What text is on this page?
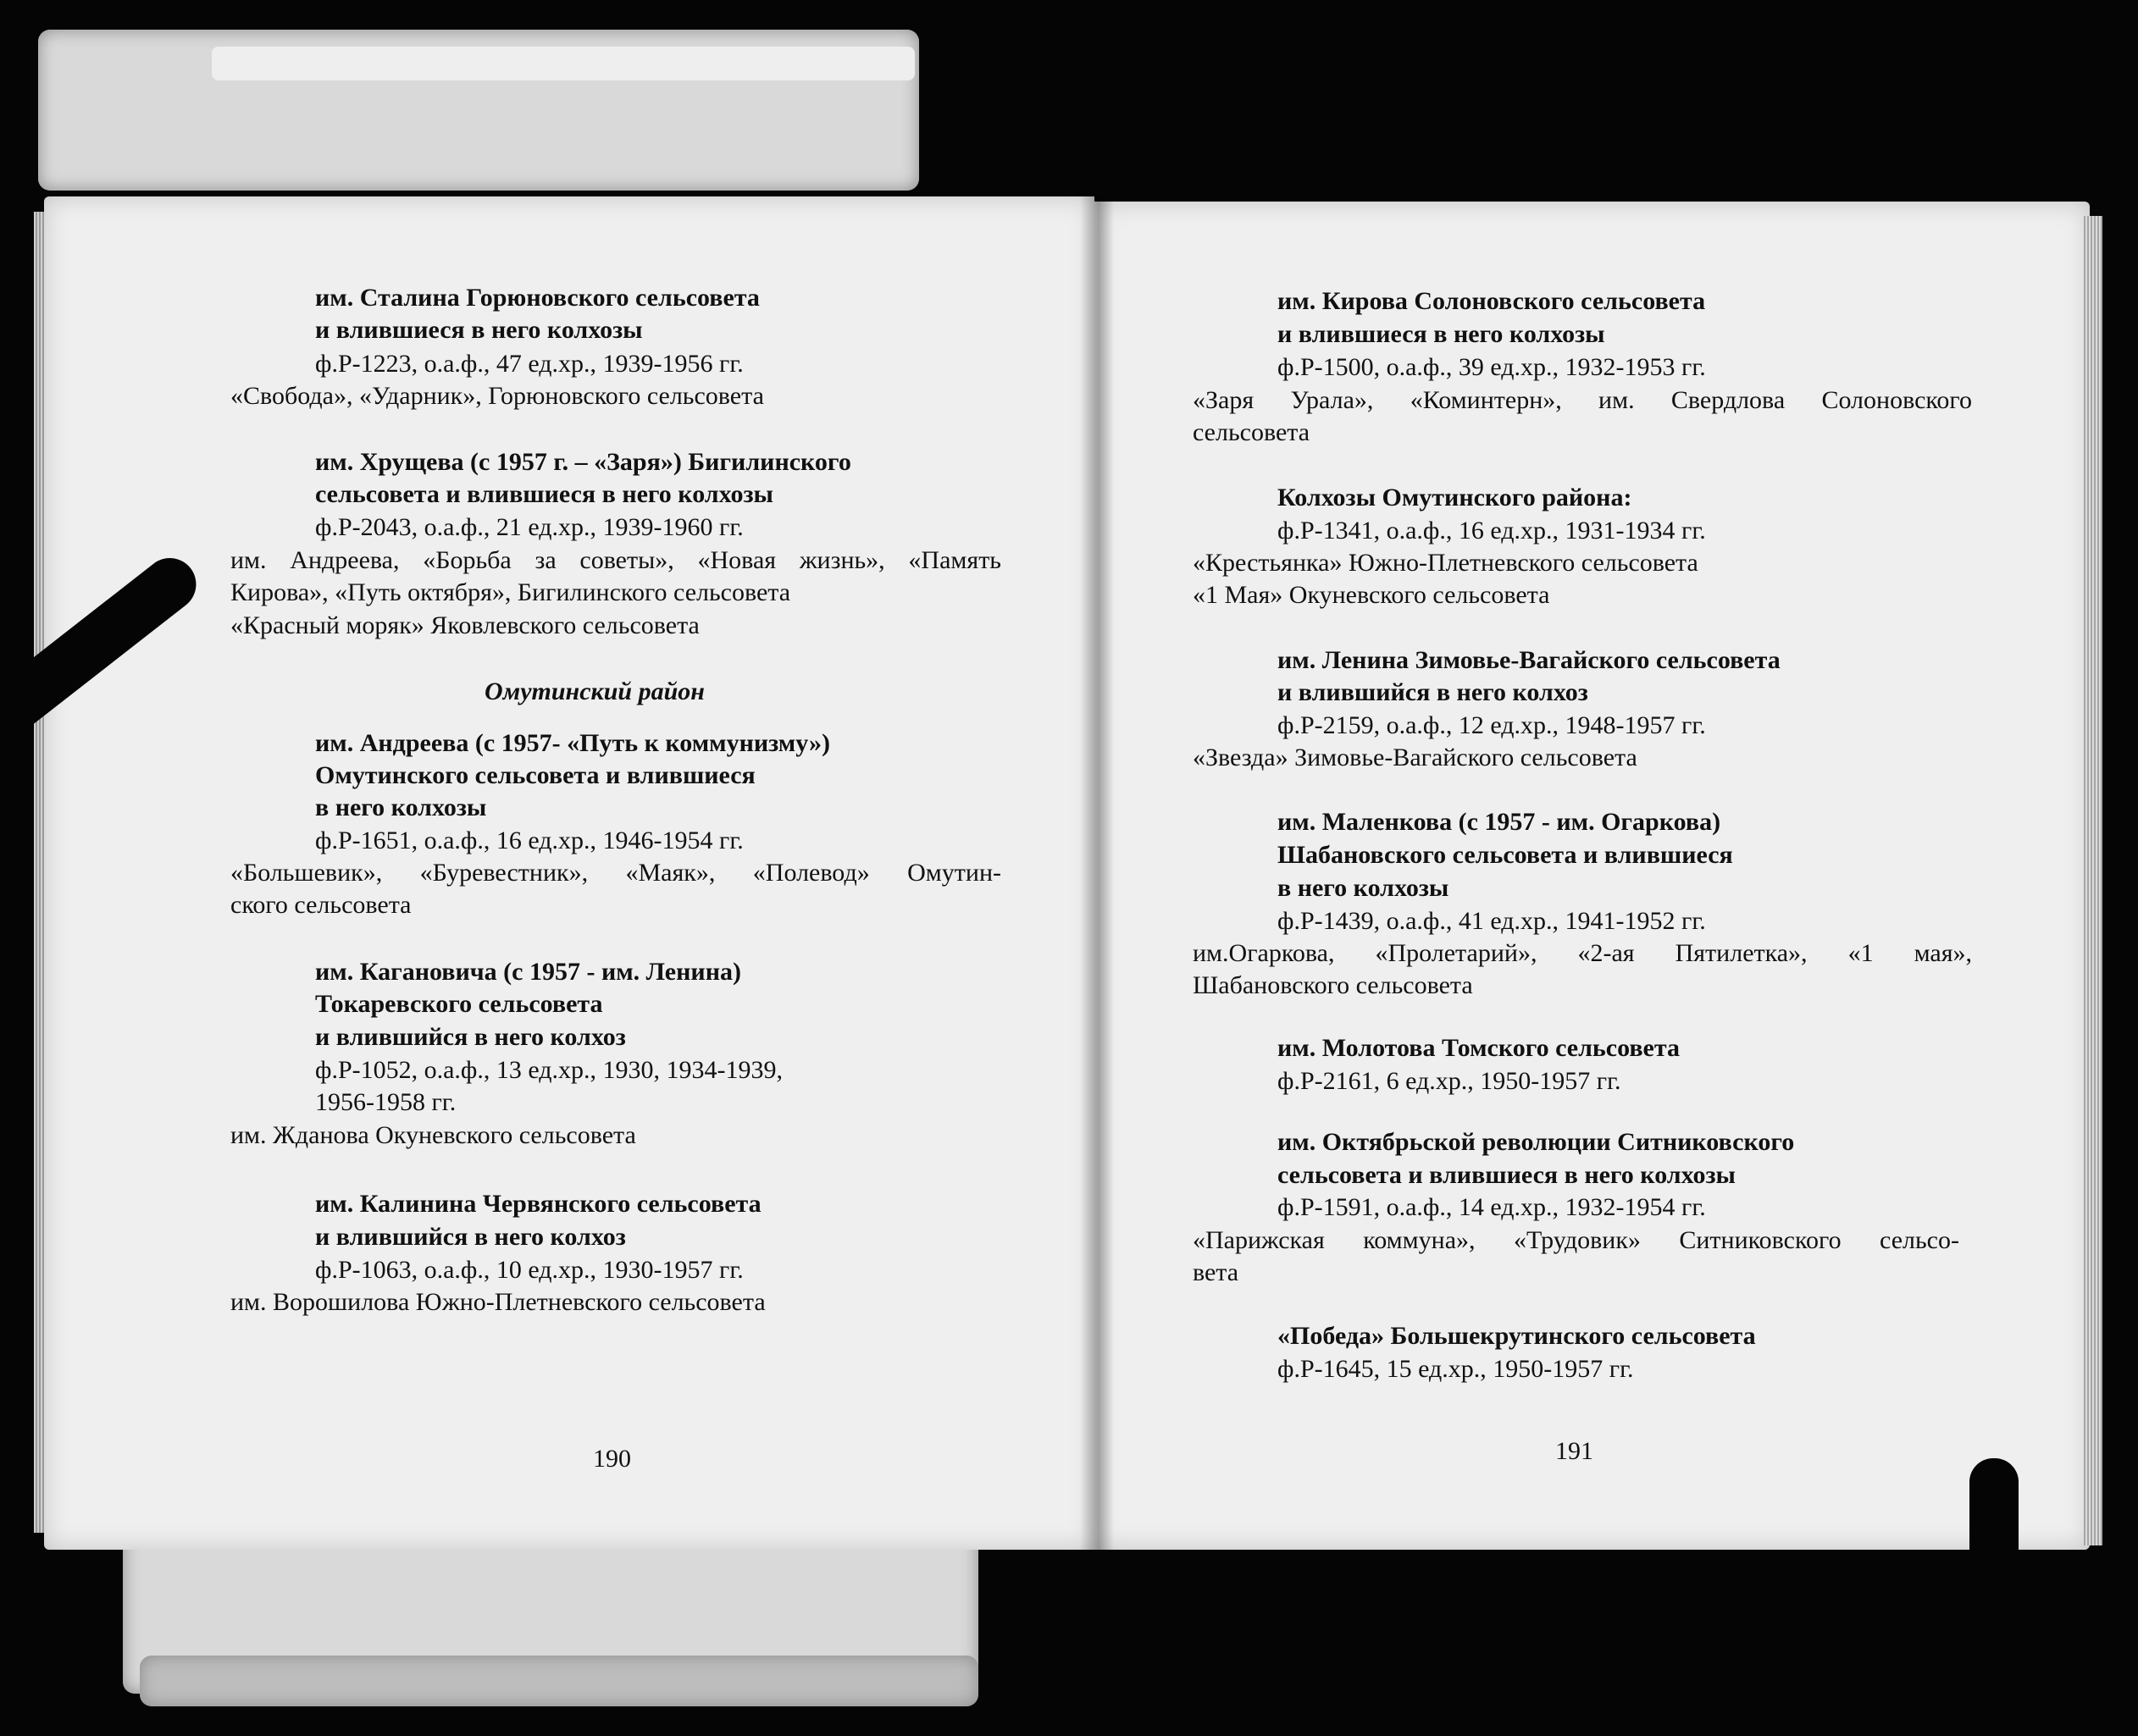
им. Сталина Горюновского сельсовета
и влившиеся в него колхозы
ф.Р-1223, о.а.ф., 47 ед.хр., 1939-1956 гг.
«Свобода», «Ударник», Горюновского сельсовета
им. Хрущева (с 1957 г. – «Заря») Бигилинского
сельсовета и влившиеся в него колхозы
ф.Р-2043, о.а.ф., 21 ед.хр., 1939-1960 гг.
им. Андреева, «Борьба за советы», «Новая жизнь», «Память
Кирова», «Путь октября», Бигилинского сельсовета
«Красный моряк» Яковлевского сельсовета
Омутинский район
им. Андреева (с 1957- «Путь к коммунизму»)
Омутинского сельсовета и влившиеся
в него колхозы
ф.Р-1651, о.а.ф., 16 ед.хр., 1946-1954 гг.
«Большевик», «Буревестник», «Маяк», «Полевод» Омутин-
ского сельсовета
им. Кагановича (с 1957 - им. Ленина)
Токаревского сельсовета
и влившийся в него колхоз
ф.Р-1052, о.а.ф., 13 ед.хр., 1930, 1934-1939,
1956-1958 гг.
им. Жданова Окуневского сельсовета
им. Калинина Червянского сельсовета
и влившийся в него колхоз
ф.Р-1063, о.а.ф., 10 ед.хр., 1930-1957 гг.
им. Ворошилова Южно-Плетневского сельсовета
190
им. Кирова Солоновского сельсовета
и влившиеся в него колхозы
ф.Р-1500, о.а.ф., 39 ед.хр., 1932-1953 гг.
«Заря Урала», «Коминтерн», им. Свердлова Солоновского
сельсовета
Колхозы Омутинского района:
ф.Р-1341, о.а.ф., 16 ед.хр., 1931-1934 гг.
«Крестьянка» Южно-Плетневского сельсовета
«1 Мая» Окуневского сельсовета
им. Ленина Зимовье-Вагайского сельсовета
и влившийся в него колхоз
ф.Р-2159, о.а.ф., 12 ед.хр., 1948-1957 гг.
«Звезда» Зимовье-Вагайского сельсовета
им. Маленкова (с 1957 - им. Огаркова)
Шабановского сельсовета и влившиеся
в него колхозы
ф.Р-1439, о.а.ф., 41 ед.хр., 1941-1952 гг.
им.Огаркова, «Пролетарий», «2-ая Пятилетка», «1 мая»,
Шабановского сельсовета
им. Молотова Томского сельсовета
ф.Р-2161, 6 ед.хр., 1950-1957 гг.
им. Октябрьской революции Ситниковского
сельсовета и влившиеся в него колхозы
ф.Р-1591, о.а.ф., 14 ед.хр., 1932-1954 гг.
«Парижская коммуна», «Трудовик» Ситниковского сельсо-
вета
«Победа» Большекрутинского сельсовета
ф.Р-1645, 15 ед.хр., 1950-1957 гг.
191
